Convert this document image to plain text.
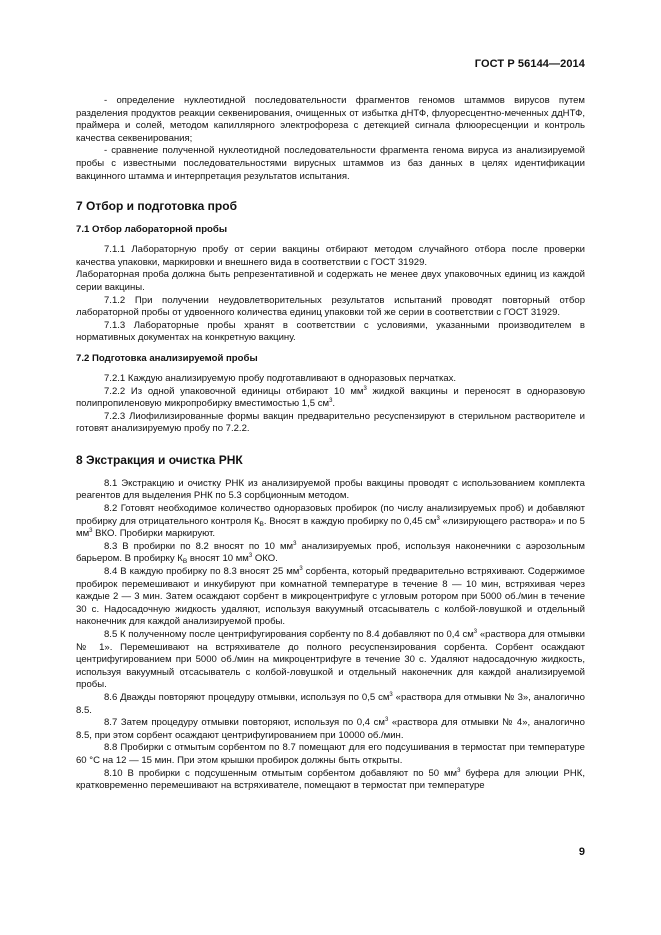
ГОСТ Р 56144—2014

- определение нуклеотидной последовательности фрагментов геномов штаммов вирусов путем разделения продуктов реакции секвенирования, очищенных от избытка дНТФ, флуоресцентно-меченных ддНТФ, праймера и солей, методом капиллярного электрофореза с детекцией сигнала флюоресценции и контроль качества секвенирования;

- сравнение полученной нуклеотидной последовательности фрагмента генома вируса из анализируемой пробы с известными последовательностями вирусных штаммов из баз данных в целях идентификации вакцинного штамма и интерпретация результатов испытания.

7 Отбор и подготовка проб
7.1 Отбор лабораторной пробы

7.1.1 Лабораторную пробу от серии вакцины отбирают методом случайного отбора после проверки качества упаковки, маркировки и внешнего вида в соответствии с ГОСТ 31929.

Лабораторная проба должна быть репрезентативной и содержать не менее двух упаковочных единиц из каждой серии вакцины.

7.1.2 При получении неудовлетворительных результатов испытаний проводят повторный отбор лабораторной пробы от удвоенного количества единиц упаковки той же серии в соответствии с ГОСТ 31929.

7.1.3 Лабораторные пробы хранят в соответствии с условиями, указанными производителем в нормативных документах на конкретную вакцину.

7.2 Подготовка анализируемой пробы

7.2.1 Каждую анализируемую пробу подготавливают в одноразовых перчатках.

7.2.2 Из одной упаковочной единицы отбирают 10 $мм^3$ жидкой вакцины и переносят в одноразовую полипропиленовую микропробирку вместимостью 1,5 $см^3$.

7.2.3 Лиофилизированные формы вакцин предварительно ресуспензируют в стерильном растворителе и готовят анализируемую пробу по 7.2.2.

8 Экстракция и очистка РНК

8.1 Экстракцию и очистку РНК из анализируемой пробы вакцины проводят с использованием комплекта реагентов для выделения РНК по 5.3 сорбционным методом.

8.2 Готовят необходимое количество одноразовых пробирок (по числу анализируемых проб) и добавляют пробирку для отрицательного контроля $К_В$. Вносят в каждую пробирку по 0,45 $см^3$ «лизирующего раствора» и по 5 $мм^3$ ВКО. Пробирки маркируют.

8.3 В пробирки по 8.2 вносят по 10 $мм^3$ анализируемых проб, используя наконечники с аэрозольным барьером. В пробирку $К_В$ вносят 10 $мм^3$ ОКО.

8.4 В каждую пробирку по 8.3 вносят 25 $мм^3$ сорбента, который предварительно встряхивают. Содержимое пробирок перемешивают и инкубируют при комнатной температуре в течение 8 — 10 мин, встряхивая через каждые 2 — 3 мин. Затем осаждают сорбент в микроцентрифуге с угловым ротором при 5000 об./мин в течение 30 с. Надосадочную жидкость удаляют, используя вакуумный отсасыватель с колбой-ловушкой и отдельный наконечник для каждой анализируемой пробы.

8.5 К полученному после центрифугирования сорбенту по 8.4 добавляют по 0,4 $см^3$ «раствора для отмывки № 1». Перемешивают на встряхивателе до полного ресуспензирования сорбента. Сорбент осаждают центрифугированием при 5000 об./мин на микроцентрифуге в течение 30 с. Удаляют надосадочную жидкость, используя вакуумный отсасыватель с колбой-ловушкой и отдельный наконечник для каждой анализируемой пробы.

8.6 Дважды повторяют процедуру отмывки, используя по 0,5 $см^3$ «раствора для отмывки № 3», аналогично 8.5.

8.7 Затем процедуру отмывки повторяют, используя по 0,4 $см^3$ «раствора для отмывки № 4», аналогично 8.5, при этом сорбент осаждают центрифугированием при 10000 об./мин.

8.8 Пробирки с отмытым сорбентом по 8.7 помещают для его подсушивания в термостат при температуре 60 °С на 12 — 15 мин. При этом крышки пробирок должны быть открыты.

8.10 В пробирки с подсушенным отмытым сорбентом добавляют по 50 $мм^3$ буфера для элюции РНК, кратковременно перемешивают на встряхивателе, помещают в термостат при температуре

9
